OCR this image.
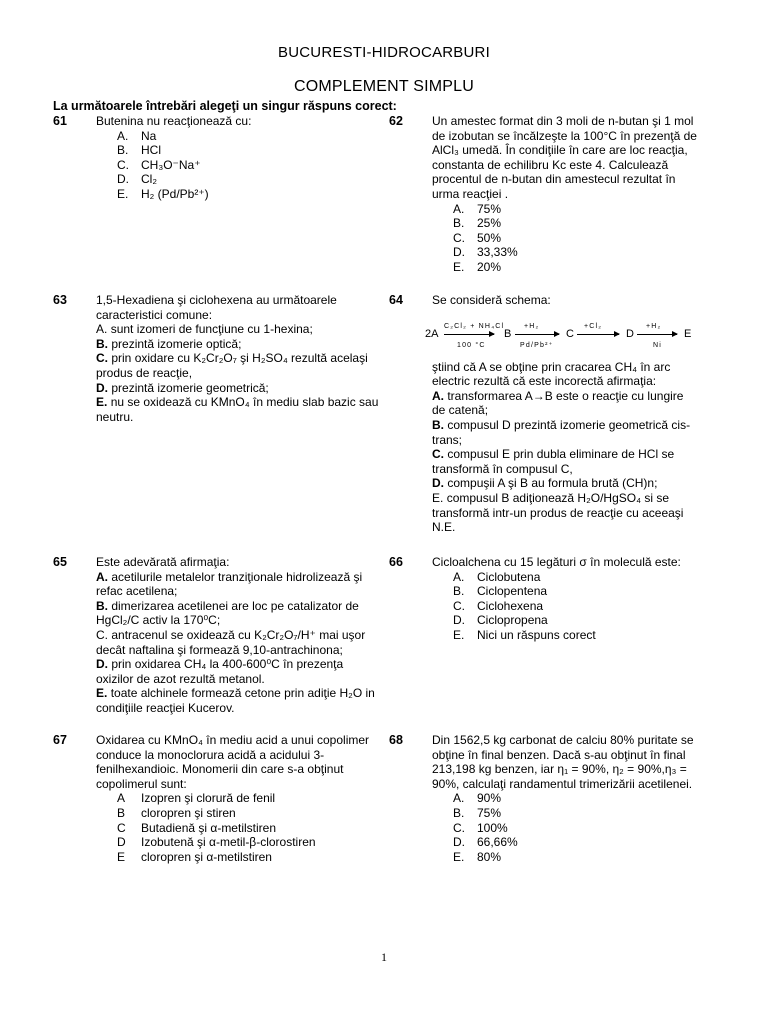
BUCURESTI-HIDROCARBURI
COMPLEMENT SIMPLU
La următoarele întrebări alegeţi un singur răspuns corect:
61 Butenina nu reacţionează cu:

A.	Na
B.	HCl
C.	CH₃O⁻Na⁺
D.	Cl₂
E.	H₂ (Pd/Pb²⁺)
62 Un amestec format din 3 moli de n-butan şi 1 mol de izobutan se încălzeşte la 100°C în prezenţă de AlCl₃ umedă. În condiţiile în care are loc reacţia, constanta de echilibru Kc este 4. Calculează procentul de n-butan din amestecul rezultat în urma reacţiei .

A.	75%
B.	25%
C.	50%
D.	33,33%
E.	20%
63 1,5-Hexadiena şi ciclohexena au următoarele caracteristici comune:

A. sunt izomeri de funcţiune cu 1-hexina;
B. prezintă izomerie optică;
C. prin oxidare cu K₂Cr₂O₇ şi H₂SO₄ rezultă acelaşi produs de reacţie,
D. prezintă izomerie geometrică;
E. nu se oxidează cu KMnO₄ în mediu slab bazic sau neutru.
64 Se consideră schema:

2A
C₂Cl₂ + NH₄Cl
100 °C
B
+H₂
Pd/Pb²⁺
C
+Cl₂
D
+H₂
Ni
E

ştiind că A se obţine prin cracarea CH₄ în arc electric rezultă că este incorectă afirmaţia:

A. transformarea A→B este o reacţie cu lungire de catenă;
B. compusul D prezintă izomerie geometrică cis-trans;
C. compusul E prin dubla eliminare de HCl se transformă în compusul C,
D. compuşii A şi B au formula brută (CH)n;
E. compusul B adiţionează H₂O/HgSO₄ si se transformă intr-un produs de reacţie cu aceeaşi N.E.
65 Este adevărată afirmaţia:

A. acetilurile metalelor tranziţionale hidrolizează şi refac acetilena;
B. dimerizarea acetilenei are loc pe catalizator de HgCl₂/C activ la 170⁰C;
C. antracenul se oxidează cu K₂Cr₂O₇/H⁺ mai uşor decât naftalina şi formează 9,10-antrachinona;
D. prin oxidarea CH₄ la 400-600⁰C în prezenţa oxizilor de azot rezultă metanol.
E. toate alchinele formează cetone prin adiţie H₂O in condiţiile reacţiei Kucerov.
66 Cicloalchena cu 15 legături σ în moleculă este:

A.	Ciclobutena
B.	Ciclopentena
C.	Ciclohexena
D.	Ciclopropena
E.	Nici un răspuns corect
67 Oxidarea cu KMnO₄ în mediu acid a unui copolimer conduce la monoclorura acidă a acidului 3-fenilhexandioic. Monomerii din care s-a obţinut copolimerul sunt:

A	Izopren şi clorură de fenil
B	cloropren şi stiren
C	Butadienă şi α-metilstiren
D	Izobutenă şi α-metil-β-clorostiren
E	cloropren şi α-metilstiren
68 Din 1562,5 kg carbonat de calciu 80% puritate se obţine în final benzen. Dacă s-au obţinut în final 213,198 kg benzen, iar η₁ = 90%, η₂ = 90%,η₃ = 90%, calculaţi randamentul trimerizării acetilenei.

A.	90%
B.	75%
C.	100%
D.	66,66%
E.	80%
1
